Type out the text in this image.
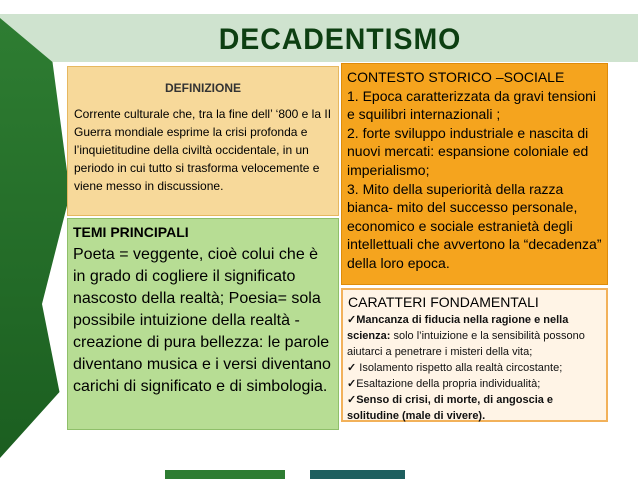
DECADENTISMO
DEFINIZIONE
Corrente culturale che, tra la fine dell’ ‘800 e la II Guerra mondiale esprime la crisi profonda e l’inquietitudine della civiltà occidentale, in un periodo in cui tutto si trasforma velocemente e viene messo in discussione.
TEMI PRINCIPALI
Poeta = veggente, cioè colui che è in grado di cogliere il significato nascosto della realtà; Poesia= sola possibile intuizione della realtà - creazione di pura bellezza: le parole diventano musica e i versi diventano carichi di significato e di simbologia.
CONTESTO STORICO –SOCIALE
1. Epoca caratterizzata da gravi tensioni e squilibri internazionali ;
2. forte sviluppo industriale e nascita di nuovi mercati: espansione coloniale ed imperialismo;
3. Mito della superiorità della razza bianca- mito del successo personale, economico e sociale estranietà degli intellettuali che avvertono la “decadenza” della loro epoca.
CARATTERI FONDAMENTALI
✓Mancanza di fiducia nella ragione e nella scienza: solo l’intuizione e la sensibilità possono aiutarci a penetrare i misteri della vita;
✓ Isolamento rispetto alla realtà circostante;
✓Esaltazione della propria individualità;
✓Senso di crisi, di morte, di angoscia e solitudine (male di vivere).
